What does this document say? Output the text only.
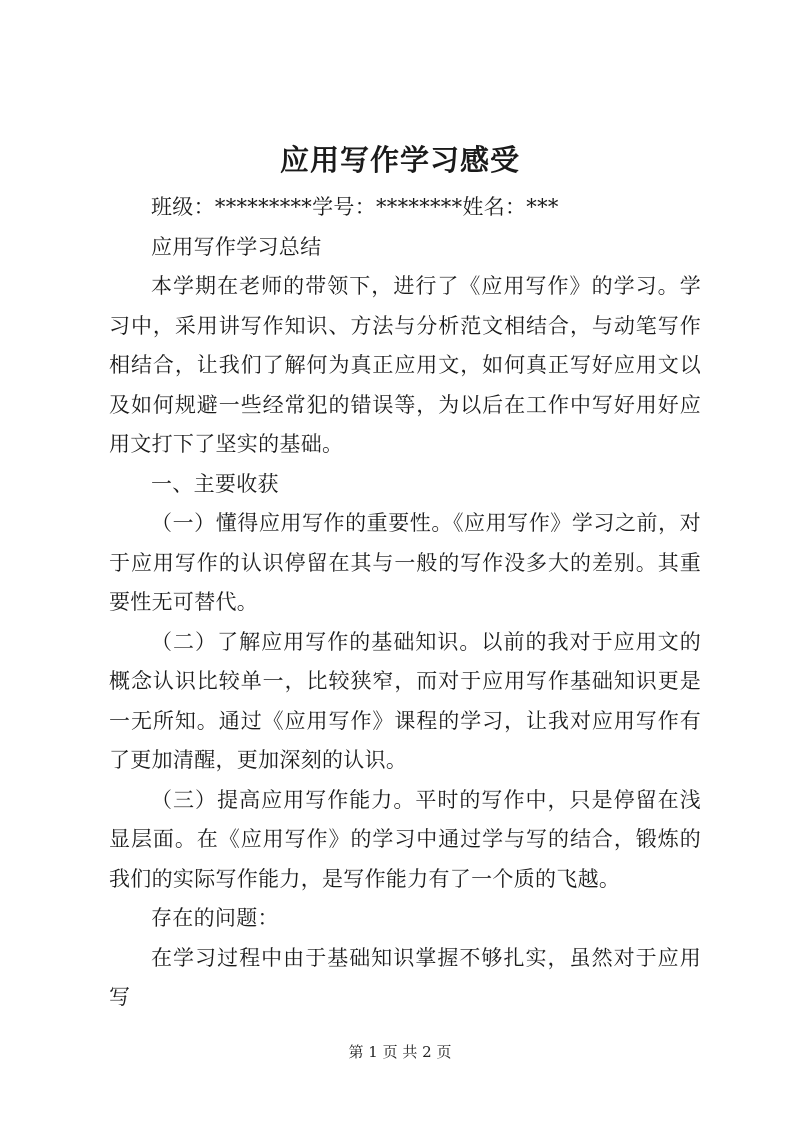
应用写作学习感受

班级：*********学号：********姓名：***

应用写作学习总结

本学期在老师的带领下，进行了《应用写作》的学习。学习中，采用讲写作知识、方法与分析范文相结合，与动笔写作相结合，让我们了解何为真正应用文，如何真正写好应用文以及如何规避一些经常犯的错误等，为以后在工作中写好用好应用文打下了坚实的基础。

一、主要收获

（一）懂得应用写作的重要性。《应用写作》学习之前，对于应用写作的认识停留在其与一般的写作没多大的差别。其重要性无可替代。

（二）了解应用写作的基础知识。以前的我对于应用文的概念认识比较单一，比较狭窄，而对于应用写作基础知识更是一无所知。通过《应用写作》课程的学习，让我对应用写作有了更加清醒，更加深刻的认识。

（三）提高应用写作能力。平时的写作中，只是停留在浅显层面。在《应用写作》的学习中通过学与写的结合，锻炼的我们的实际写作能力，是写作能力有了一个质的飞越。

存在的问题：

在学习过程中由于基础知识掌握不够扎实，虽然对于应用写

第 1 页 共 2 页
